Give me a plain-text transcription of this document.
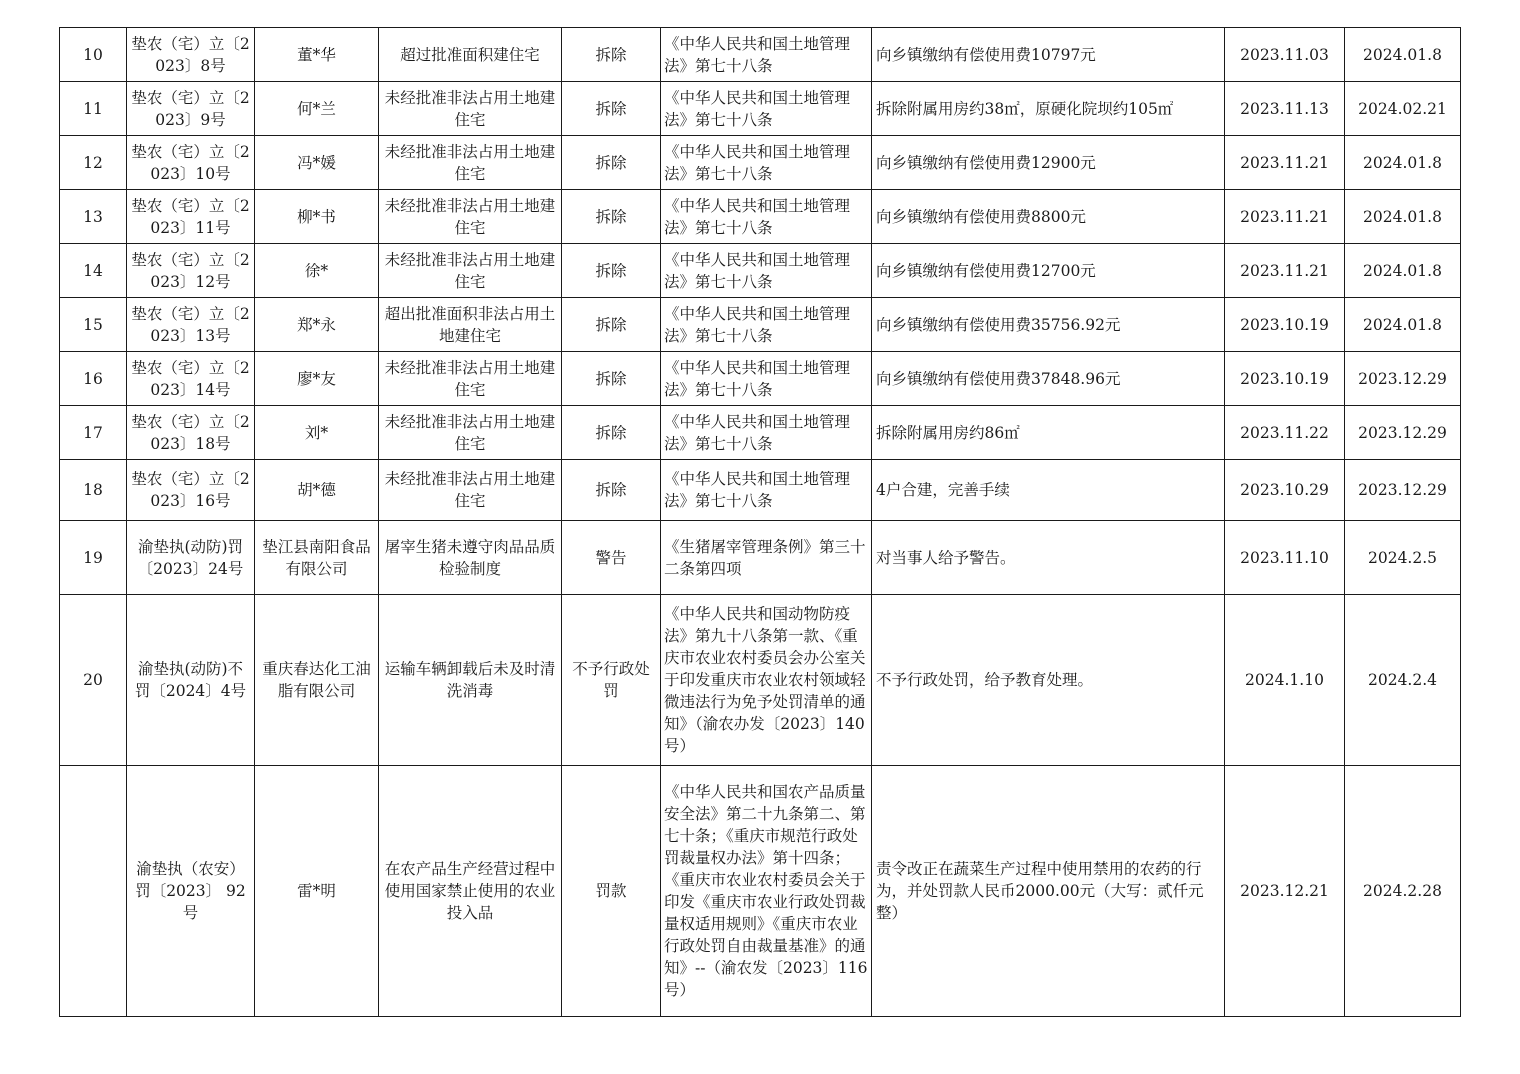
10	垫农（宅）立〔2023〕8号	董*华	超过批准面积建住宅	拆除	《中华人民共和国土地管理法》第七十八条	向乡镇缴纳有偿使用费10797元	2023.11.03	2024.01.8
11	垫农（宅）立〔2023〕9号	何*兰	未经批准非法占用土地建住宅	拆除	《中华人民共和国土地管理法》第七十八条	拆除附属用房约38㎡，原硬化院坝约105㎡	2023.11.13	2024.02.21
12	垫农（宅）立〔2023〕10号	冯*媛	未经批准非法占用土地建住宅	拆除	《中华人民共和国土地管理法》第七十八条	向乡镇缴纳有偿使用费12900元	2023.11.21	2024.01.8
13	垫农（宅）立〔2023〕11号	柳*书	未经批准非法占用土地建住宅	拆除	《中华人民共和国土地管理法》第七十八条	向乡镇缴纳有偿使用费8800元	2023.11.21	2024.01.8
14	垫农（宅）立〔2023〕12号	徐*	未经批准非法占用土地建住宅	拆除	《中华人民共和国土地管理法》第七十八条	向乡镇缴纳有偿使用费12700元	2023.11.21	2024.01.8
15	垫农（宅）立〔2023〕13号	郑*永	超出批准面积非法占用土地建住宅	拆除	《中华人民共和国土地管理法》第七十八条	向乡镇缴纳有偿使用费35756.92元	2023.10.19	2024.01.8
16	垫农（宅）立〔2023〕14号	廖*友	未经批准非法占用土地建住宅	拆除	《中华人民共和国土地管理法》第七十八条	向乡镇缴纳有偿使用费37848.96元	2023.10.19	2023.12.29
17	垫农（宅）立〔2023〕18号	刘*	未经批准非法占用土地建住宅	拆除	《中华人民共和国土地管理法》第七十八条	拆除附属用房约86㎡	2023.11.22	2023.12.29
18	垫农（宅）立〔2023〕16号	胡*德	未经批准非法占用土地建住宅	拆除	《中华人民共和国土地管理法》第七十八条	4户合建，完善手续	2023.10.29	2023.12.29
19	渝垫执(动防)罚〔2023〕24号	垫江县南阳食品有限公司	屠宰生猪未遵守肉品品质检验制度	警告	《生猪屠宰管理条例》第三十二条第四项	对当事人给予警告。	2023.11.10	2024.2.5
20	渝垫执(动防)不罚〔2024〕4号	重庆春达化工油脂有限公司	运输车辆卸载后未及时清洗消毒	不予行政处罚	《中华人民共和国动物防疫法》第九十八条第一款、《重庆市农业农村委员会办公室关于印发重庆市农业农村领域轻微违法行为免予处罚清单的通知》（渝农办发〔2023〕140号）	不予行政处罚，给予教育处理。	2024.1.10	2024.2.4
	渝垫执（农安）罚〔2023〕 92 号	雷*明	在农产品生产经营过程中使用国家禁止使用的农业投入品	罚款	《中华人民共和国农产品质量安全法》第二十九条第二、第七十条；《重庆市规范行政处罚裁量权办法》第十四条；《重庆市农业农村委员会关于印发《重庆市农业行政处罚裁量权适用规则》《重庆市农业行政处罚自由裁量基准》的通知》--（渝农发〔2023〕116号）	责令改正在蔬菜生产过程中使用禁用的农药的行为，并处罚款人民币2000.00元（大写：贰仟元整）	2023.12.21	2024.2.28
